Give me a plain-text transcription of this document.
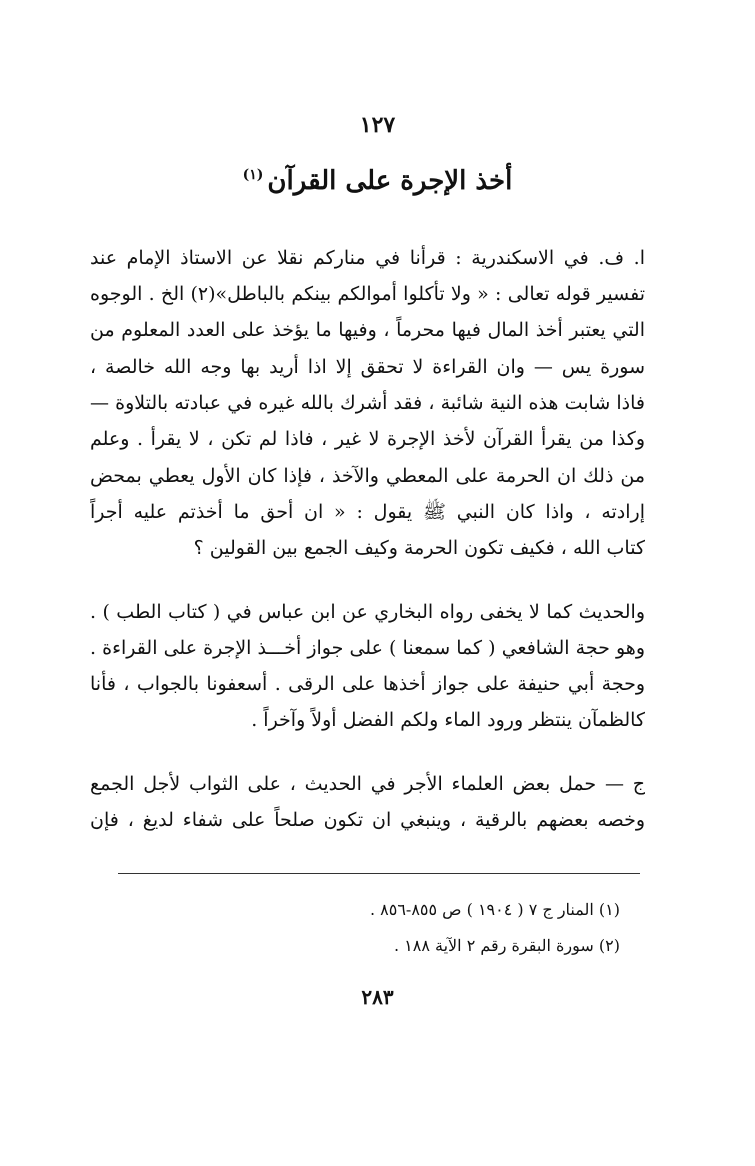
١٢٧
أخذ الإجرة على القرآن$^{(١)}$
ا. ف. في الاسكندرية : قرأنا في منارکم نقلا عن الاستاذ الإمام عند
تفسير قوله تعالى : « ولا تأكلوا أموالكم بينكم بالباطل»(٢) الخ . الوجوه
التي يعتبر أخذ المال فيها محرماً ، وفيها ما يؤخذ على العدد المعلوم من
سورة يس — وان القراءة لا تحقق إلا اذا أريد بها وجه الله خالصة ،
فاذا شابت هذه النية شائبة ، فقد أشرك بالله غيره في عبادته بالتلاوة —
وكذا من يقرأ القرآن لأخذ الإجرة لا غير ، فاذا لم تكن ، لا يقرأ . وعلم
من ذلك ان الحرمة على المعطي والآخذ ، فإذا كان الأول يعطي بمحض
إرادته ، واذا كان النبي ﷺ يقول : « ان أحق ما أخذتم عليه أجراً
كتاب الله ، فكيف تكون الحرمة وكيف الجمع بين القولين ؟
والحديث كما لا يخفى رواه البخاري عن ابن عباس في ( كتاب الطب ) .
وهو حجة الشافعي ( كما سمعنا ) على جواز أخـــذ الإجرة على القراءة .
وحجة أبي حنيفة على جواز أخذها على الرقى . أسعفونا بالجواب ، فأنا
كالظمآن ينتظر ورود الماء ولكم الفضل أولاً وآخراً .
ج — حمل بعض العلماء الأجر في الحديث ، على الثواب لأجل الجمع
وخصه بعضهم بالرقية ، وينبغي ان تكون صلحاً على شفاء لديغ ، فإن
(١) المنار ج ٧ ( ١٩٠٤ ) ص ٨٥٥-٨٥٦ .
(٢) سورة البقرة رقم ٢ الآية ١٨٨ .
٢٨٣
